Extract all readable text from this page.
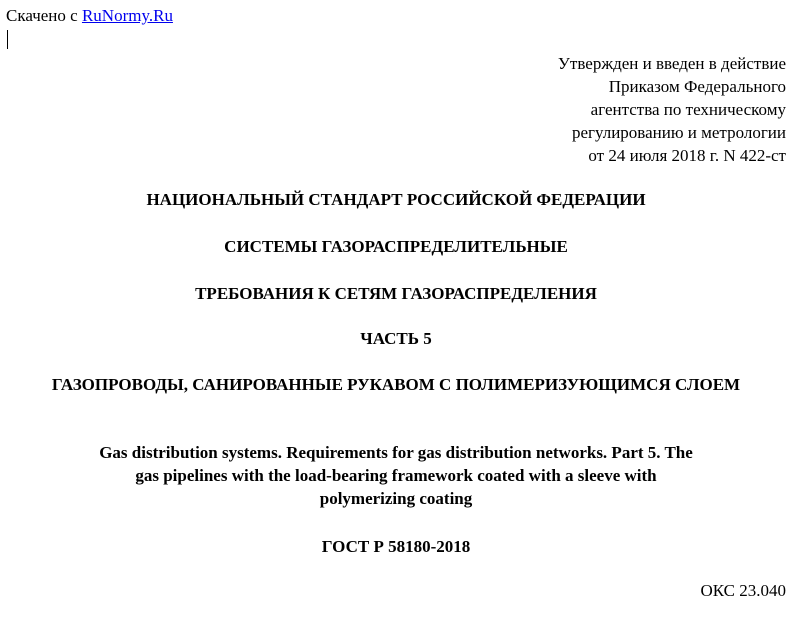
Скачено с RuNormy.Ru
Утвержден и введен в действие
Приказом Федерального
агентства по техническому
регулированию и метрологии
от 24 июля 2018 г. N 422-ст
НАЦИОНАЛЬНЫЙ СТАНДАРТ РОССИЙСКОЙ ФЕДЕРАЦИИ
СИСТЕМЫ ГАЗОРАСПРЕДЕЛИТЕЛЬНЫЕ
ТРЕБОВАНИЯ К СЕТЯМ ГАЗОРАСПРЕДЕЛЕНИЯ
ЧАСТЬ 5
ГАЗОПРОВОДЫ, САНИРОВАННЫЕ РУКАВОМ С ПОЛИМЕРИЗУЮЩИМСЯ СЛОЕМ
Gas distribution systems. Requirements for gas distribution networks. Part 5. The gas pipelines with the load-bearing framework coated with a sleeve with polymerizing coating
ГОСТ Р 58180-2018
ОКС 23.040
